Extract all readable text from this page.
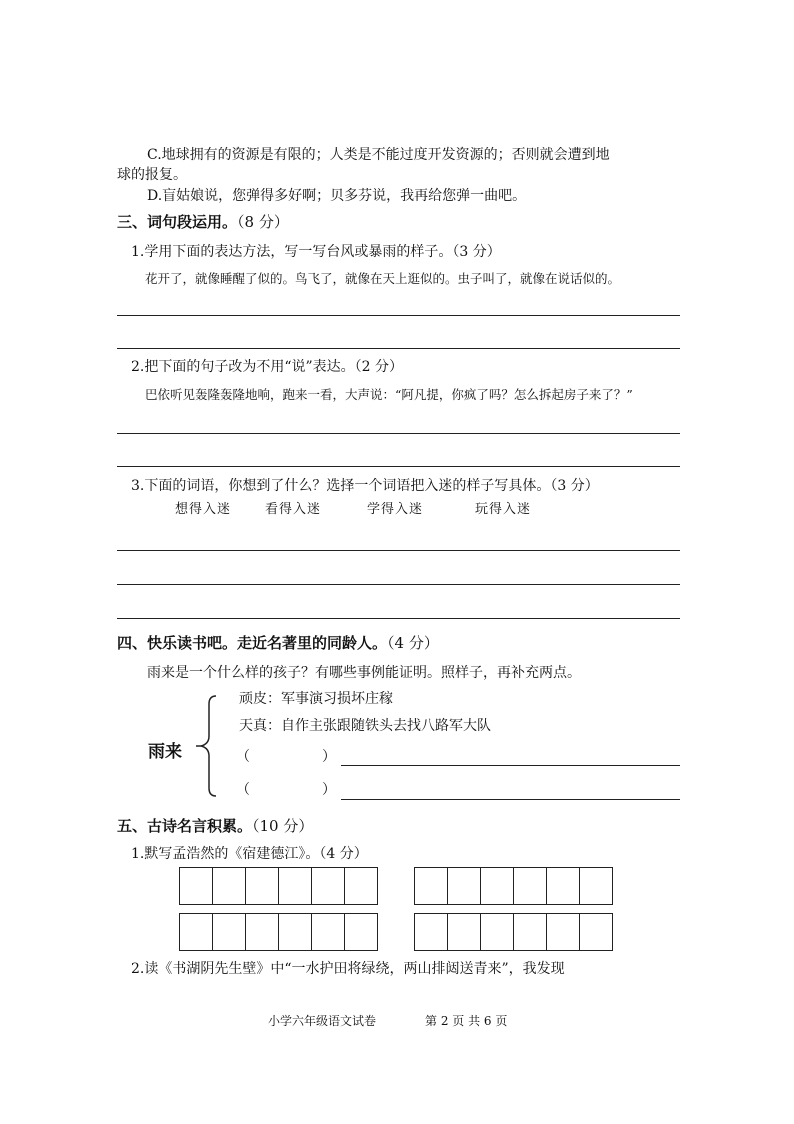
C.地球拥有的资源是有限的；人类是不能过度开发资源的；否则就会遭到地
球的报复。
D.盲姑娘说，您弹得多好啊；贝多芬说，我再给您弹一曲吧。
三、词句段运用。（8 分）
1.学用下面的表达方法，写一写台风或暴雨的样子。（3 分）
花开了，就像睡醒了似的。鸟飞了，就像在天上逛似的。虫子叫了，就像在说话似的。
2.把下面的句子改为不用“说”表达。（2 分）
巴依听见轰隆轰隆地响，跑来一看，大声说：“阿凡提，你疯了吗？怎么拆起房子来了？”
3.下面的词语，你想到了什么？选择一个词语把入迷的样子写具体。（3 分）
想得入迷	看得入迷	学得入迷	玩得入迷
四、快乐读书吧。走近名著里的同龄人。（4 分）
雨来是一个什么样的孩子？有哪些事例能证明。照样子，再补充两点。
雨来
顽皮：军事演习损坏庄稼
天真：自作主张跟随铁头去找八路军大队
（	）
（	）
五、古诗名言积累。（10 分）
1.默写孟浩然的《宿建德江》。（4 分）
2.读《书湖阴先生壁》中“一水护田将绿绕，两山排闼送青来”，我发现
小学六年级语文试卷	第 2 页 共 6 页
